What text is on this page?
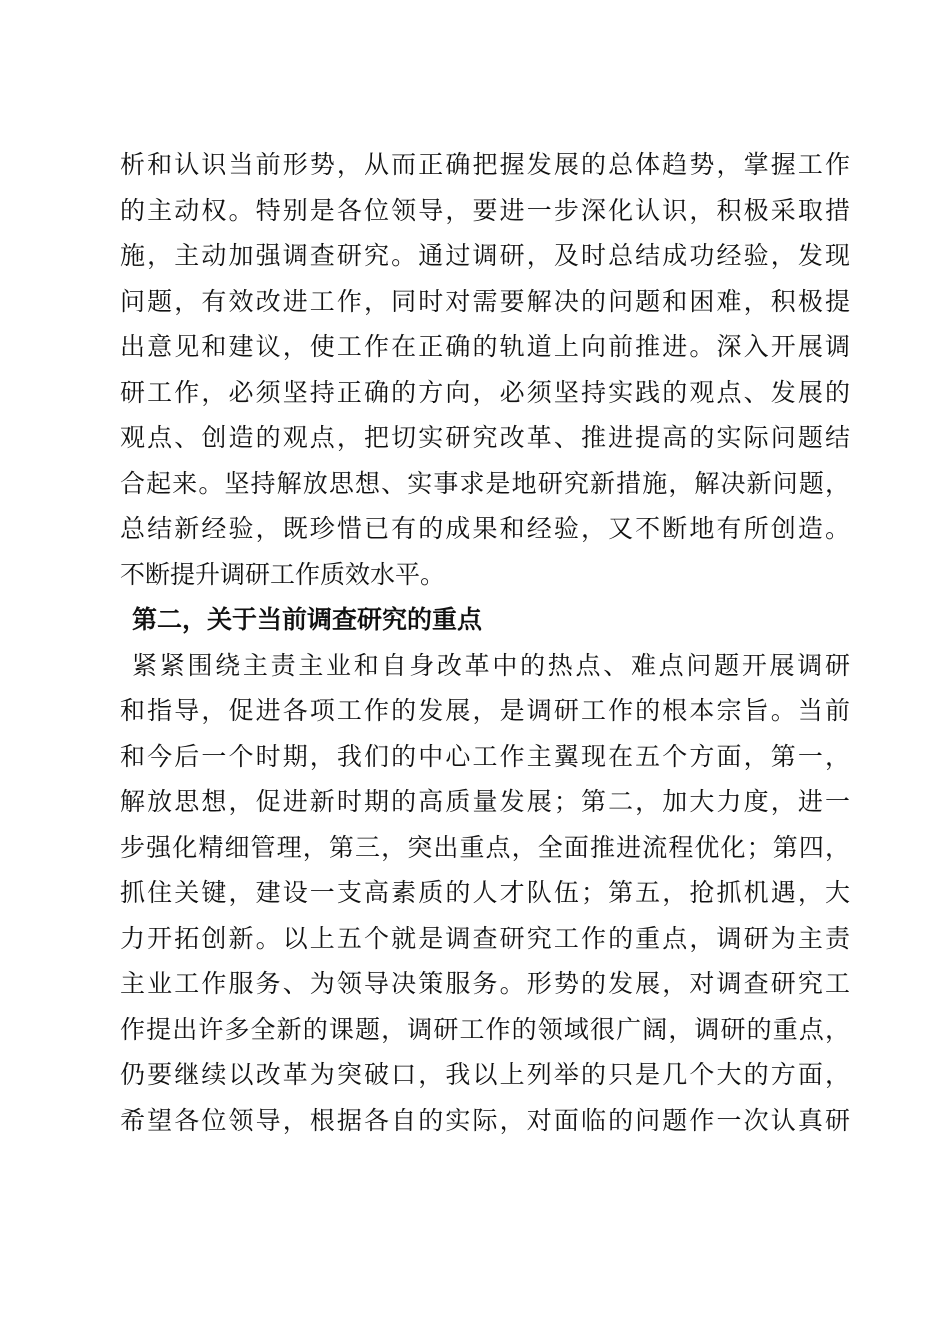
析和认识当前形势，从而正确把握发展的总体趋势，掌握工作
的主动权。特别是各位领导，要进一步深化认识，积极采取措
施，主动加强调查研究。通过调研，及时总结成功经验，发现
问题，有效改进工作，同时对需要解决的问题和困难，积极提
出意见和建议，使工作在正确的轨道上向前推进。深入开展调
研工作，必须坚持正确的方向，必须坚持实践的观点、发展的
观点、创造的观点，把切实研究改革、推进提高的实际问题结
合起来。坚持解放思想、实事求是地研究新措施，解决新问题，
总结新经验，既珍惜已有的成果和经验，又不断地有所创造。
不断提升调研工作质效水平。
第二，关于当前调查研究的重点
紧紧围绕主责主业和自身改革中的热点、难点问题开展调研
和指导，促进各项工作的发展，是调研工作的根本宗旨。当前
和今后一个时期，我们的中心工作主翼现在五个方面，第一，
解放思想，促进新时期的高质量发展；第二，加大力度，进一
步强化精细管理，第三，突出重点，全面推进流程优化；第四，
抓住关键，建设一支高素质的人才队伍；第五，抢抓机遇，大
力开拓创新。以上五个就是调查研究工作的重点，调研为主责
主业工作服务、为领导决策服务。形势的发展，对调查研究工
作提出许多全新的课题，调研工作的领域很广阔，调研的重点，
仍要继续以改革为突破口，我以上列举的只是几个大的方面，
希望各位领导，根据各自的实际，对面临的问题作一次认真研
